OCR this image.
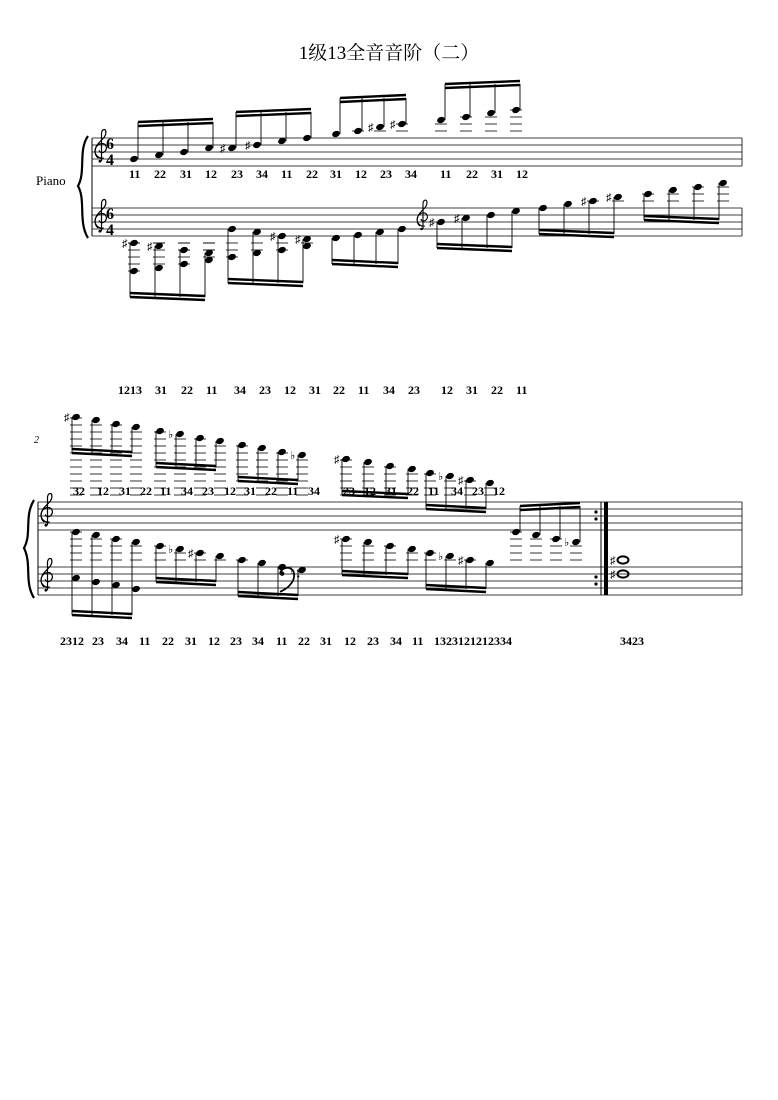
1级13全音音阶（二）
♯ ♯
♯ ♯
♯ ♯
♯ ♯
♯ ♯
♯ ♯
♯
♭
♭	♯
♭ ♯
♭ ♯
♭
♯
♭ ♯
♭
♯
♯
11 22 31 12 23 34 11 22 31 12 23 34 11 22 31 12
1213 31 22 11 34 23 12 31 22 11 34 23 12 31 22 11
32 12 31 22 11 34 23 12 31 22 11 34 23 12 31 22 11 34 23 12
2312 23 34 11 22 31 12 23 34 11 22 31 12 23 34 11 1323121212334	3423
Piano
2
6
4
6
4
